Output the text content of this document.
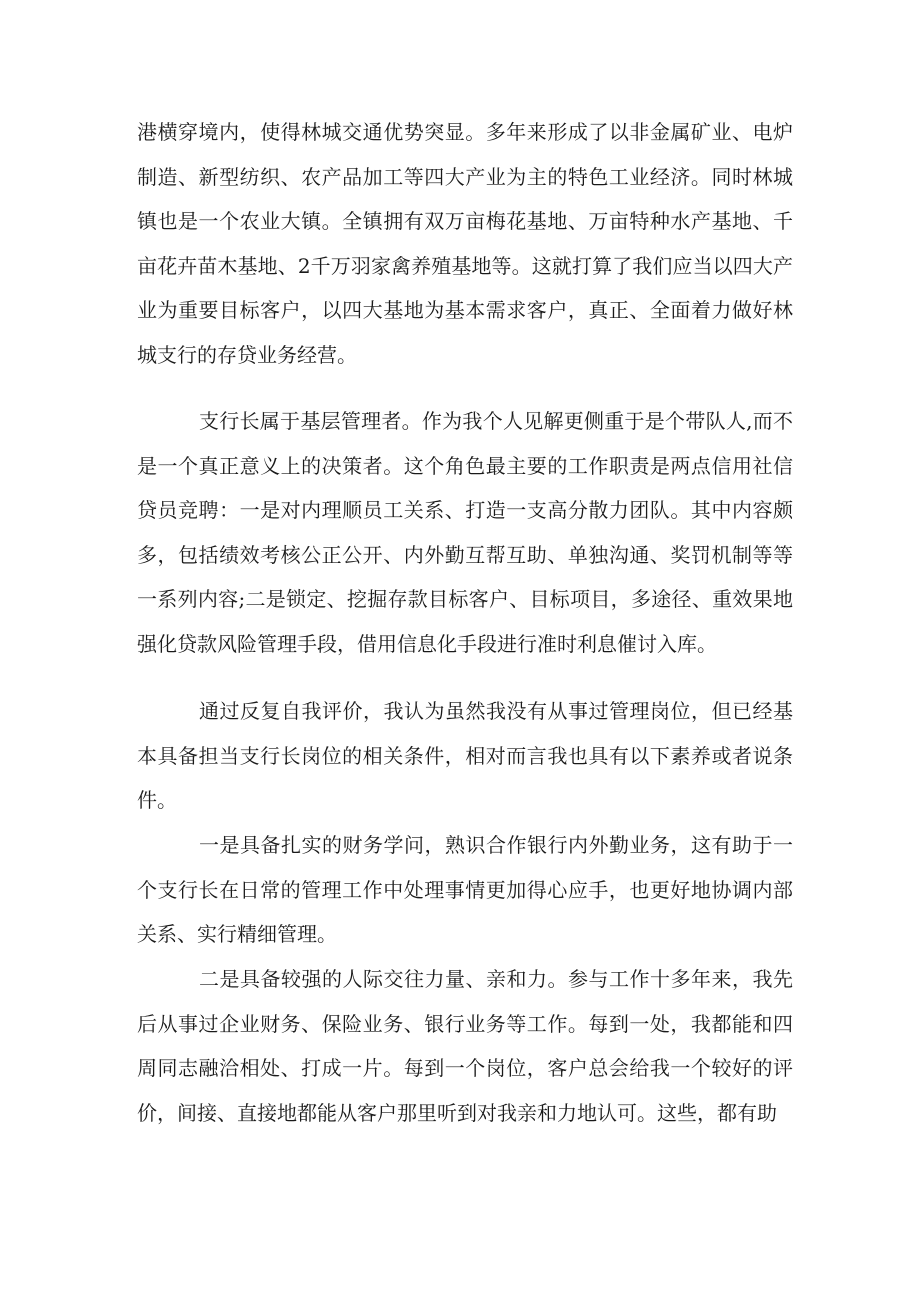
港横穿境内，使得林城交通优势突显。多年来形成了以非金属矿业、电炉制造、新型纺织、农产品加工等四大产业为主的特色工业经济。同时林城镇也是一个农业大镇。全镇拥有双万亩梅花基地、万亩特种水产基地、千亩花卉苗木基地、2千万羽家禽养殖基地等。这就打算了我们应当以四大产业为重要目标客户，以四大基地为基本需求客户，真正、全面着力做好林城支行的存贷业务经营。

支行长属于基层管理者。作为我个人见解更侧重于是个带队人,而不是一个真正意义上的决策者。这个角色最主要的工作职责是两点信用社信贷员竞聘：一是对内理顺员工关系、打造一支高分散力团队。其中内容颇多，包括绩效考核公正公开、内外勤互帮互助、单独沟通、奖罚机制等等一系列内容;二是锁定、挖掘存款目标客户、目标项目，多途径、重效果地强化贷款风险管理手段，借用信息化手段进行准时利息催讨入库。

通过反复自我评价，我认为虽然我没有从事过管理岗位，但已经基本具备担当支行长岗位的相关条件，相对而言我也具有以下素养或者说条件。

一是具备扎实的财务学问，熟识合作银行内外勤业务，这有助于一个支行长在日常的管理工作中处理事情更加得心应手，也更好地协调内部关系、实行精细管理。

二是具备较强的人际交往力量、亲和力。参与工作十多年来，我先后从事过企业财务、保险业务、银行业务等工作。每到一处，我都能和四周同志融洽相处、打成一片。每到一个岗位，客户总会给我一个较好的评价，间接、直接地都能从客户那里听到对我亲和力地认可。这些，都有助
